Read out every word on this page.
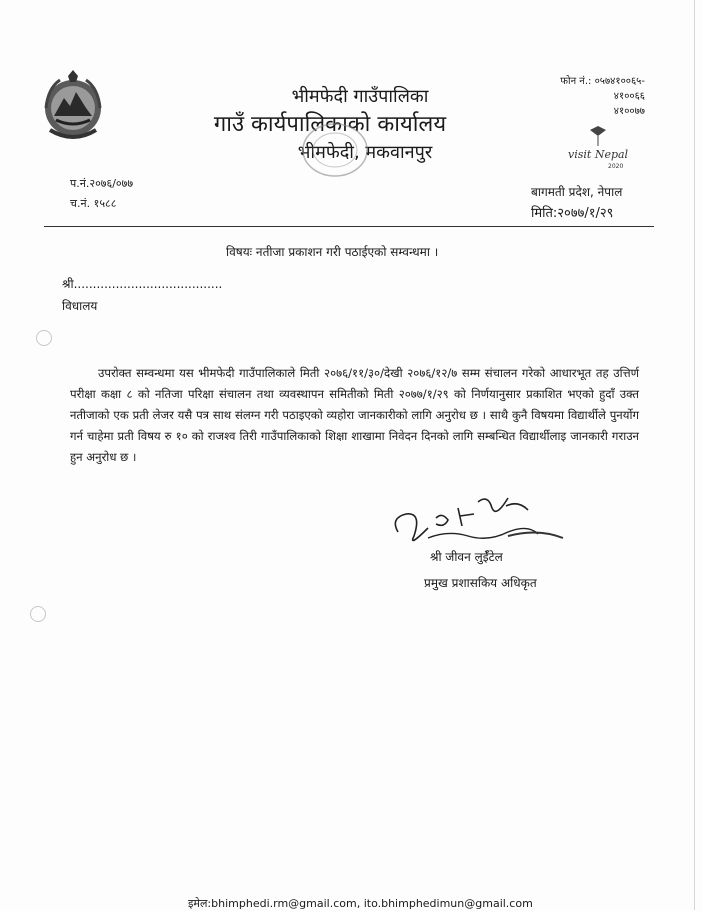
भीमफेदी गाउँपालिका
गाउँ कार्यपालिकाको कार्यालय
भीमफेदी, मकवानपुर
फोन नं.: ०५७४१००६५-
४१००६६
४१००७७
visit Nepal
2020
प.नं.२०७६/०७७
च.नं. १५८८
बागमती प्रदेश, नेपाल
मिति:२०७७/१/२९
विषयः नतीजा प्रकाशन गरी पठाईएको सम्वन्धमा ।
श्री.......................................
विधालय
उपरोक्त सम्वन्धमा यस भीमफेदी गाउँपालिकाले मिती २०७६/११/३०/देखी २०७६/१२/७ सम्म संचालन गरेको आधारभूत तह उत्तिर्ण परीक्षा कक्षा ८ को नतिजा परिक्षा संचालन तथा व्यवस्थापन समितीको मिती २०७७/१/२९ को निर्णयानुसार प्रकाशित भएको हुदाँ उक्त नतीजाको एक प्रती लेजर यसै पत्र साथ संलग्न गरी पठाइएको व्यहोरा जानकारीको लागि अनुरोध छ । साथै कुनै विषयमा विद्यार्थीले पुनर्योग गर्न चाहेमा प्रती विषय रु १० को राजश्व तिरी गाउँपालिकाको शिक्षा शाखामा निवेदन दिनको लागि सम्बन्धित विद्यार्थीलाइ जानकारी गराउन हुन अनुरोध छ ।
श्री जीवन लुईँटेल
प्रमुख प्रशासकिय अधिकृत
इमेल:bhimphedi.rm@gmail.com, ito.bhimphedimun@gmail.com
